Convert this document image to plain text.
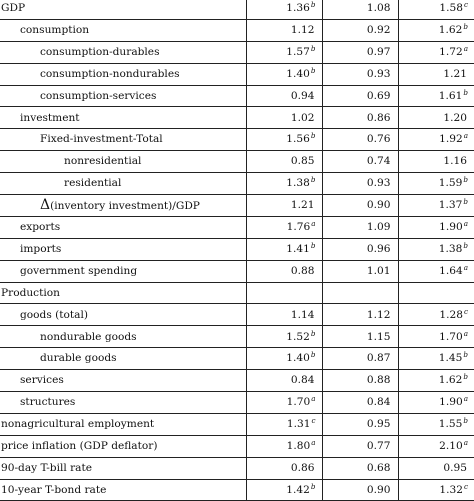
GDP	1.36$^b$	1.08	1.58$^c$
consumption	1.12	0.92	1.62$^b$
consumption-durables	1.57$^b$	0.97	1.72$^a$
consumption-nondurables	1.40$^b$	0.93	1.21
consumption-services	0.94	0.69	1.61$^b$
investment	1.02	0.86	1.20
Fixed-investment-Total	1.56$^b$	0.76	1.92$^a$
nonresidential	0.85	0.74	1.16
residential	1.38$^b$	0.93	1.59$^b$
Δ(inventory investment)/GDP	1.21	0.90	1.37$^b$
exports	1.76$^a$	1.09	1.90$^a$
imports	1.41$^b$	0.96	1.38$^b$
government spending	0.88	1.01	1.64$^a$
Production			
goods (total)	1.14	1.12	1.28$^c$
nondurable goods	1.52$^b$	1.15	1.70$^a$
durable goods	1.40$^b$	0.87	1.45$^b$
services	0.84	0.88	1.62$^b$
structures	1.70$^a$	0.84	1.90$^a$
nonagricultural employment	1.31$^c$	0.95	1.55$^b$
price inflation (GDP deflator)	1.80$^a$	0.77	2.10$^a$
90-day T-bill rate	0.86	0.68	0.95
10-year T-bond rate	1.42$^b$	0.90	1.32$^c$
